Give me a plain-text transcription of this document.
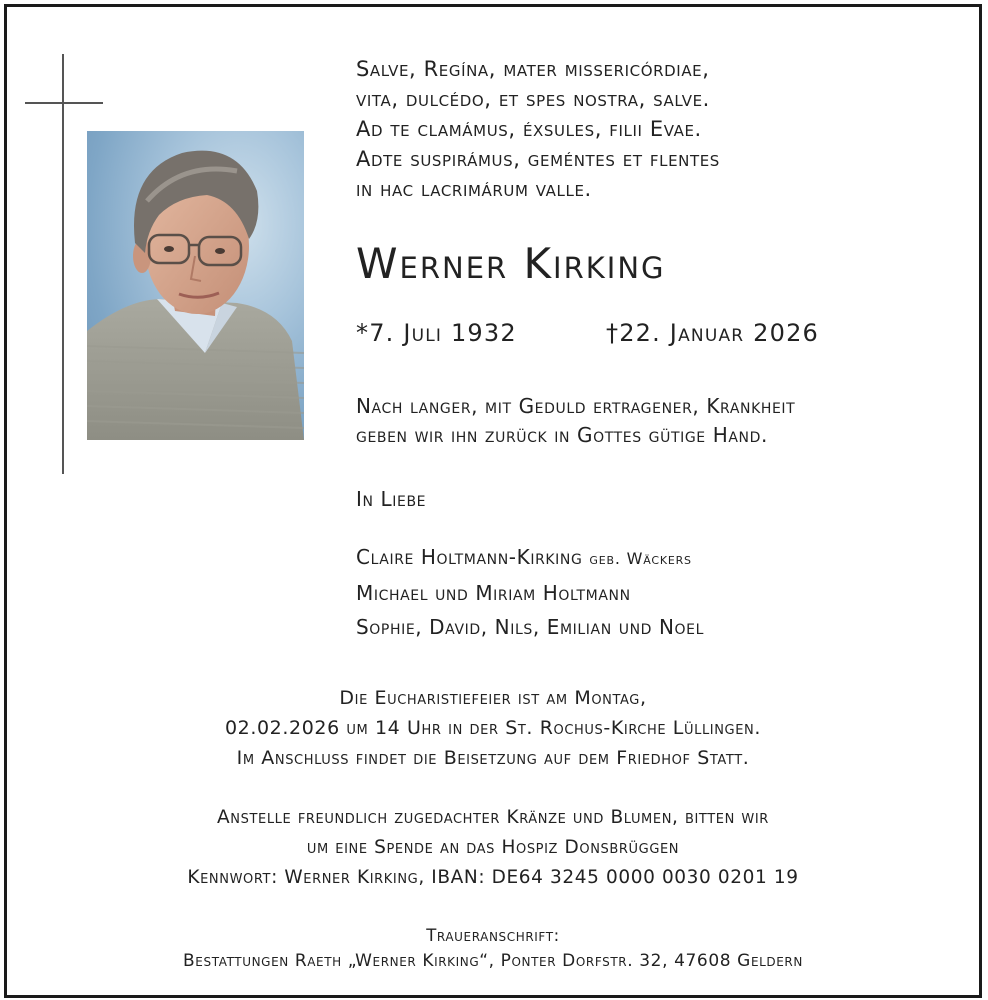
Salve, Regína, mater missericórdiae,
vita, dulcédo, et spes nostra, salve.
Ad te clamámus, éxsules, filii Evae.
Adte suspirámus, geméntes et flentes
in hac lacrimárum valle.
Werner Kirking
*7. Juli 1932	†22. Januar 2026
Nach langer, mit Geduld ertragener, Krankheit
geben wir ihn zurück in Gottes gütige Hand.
In Liebe
Claire Holtmann-Kirking geb. Wäckers
Michael und Miriam Holtmann
Sophie, David, Nils, Emilian und Noel
Die Eucharistiefeier ist am Montag,
02.02.2026 um 14 Uhr in der St. Rochus-Kirche Lüllingen.
Im Anschluss findet die Beisetzung auf dem Friedhof Statt.
Anstelle freundlich zugedachter Kränze und Blumen, bitten wir
um eine Spende an das Hospiz Donsbrüggen
Kennwort: Werner Kirking, IBAN: DE64 3245 0000 0030 0201 19
Traueranschrift:
Bestattungen Raeth „Werner Kirking“, Ponter Dorfstr. 32, 47608 Geldern
